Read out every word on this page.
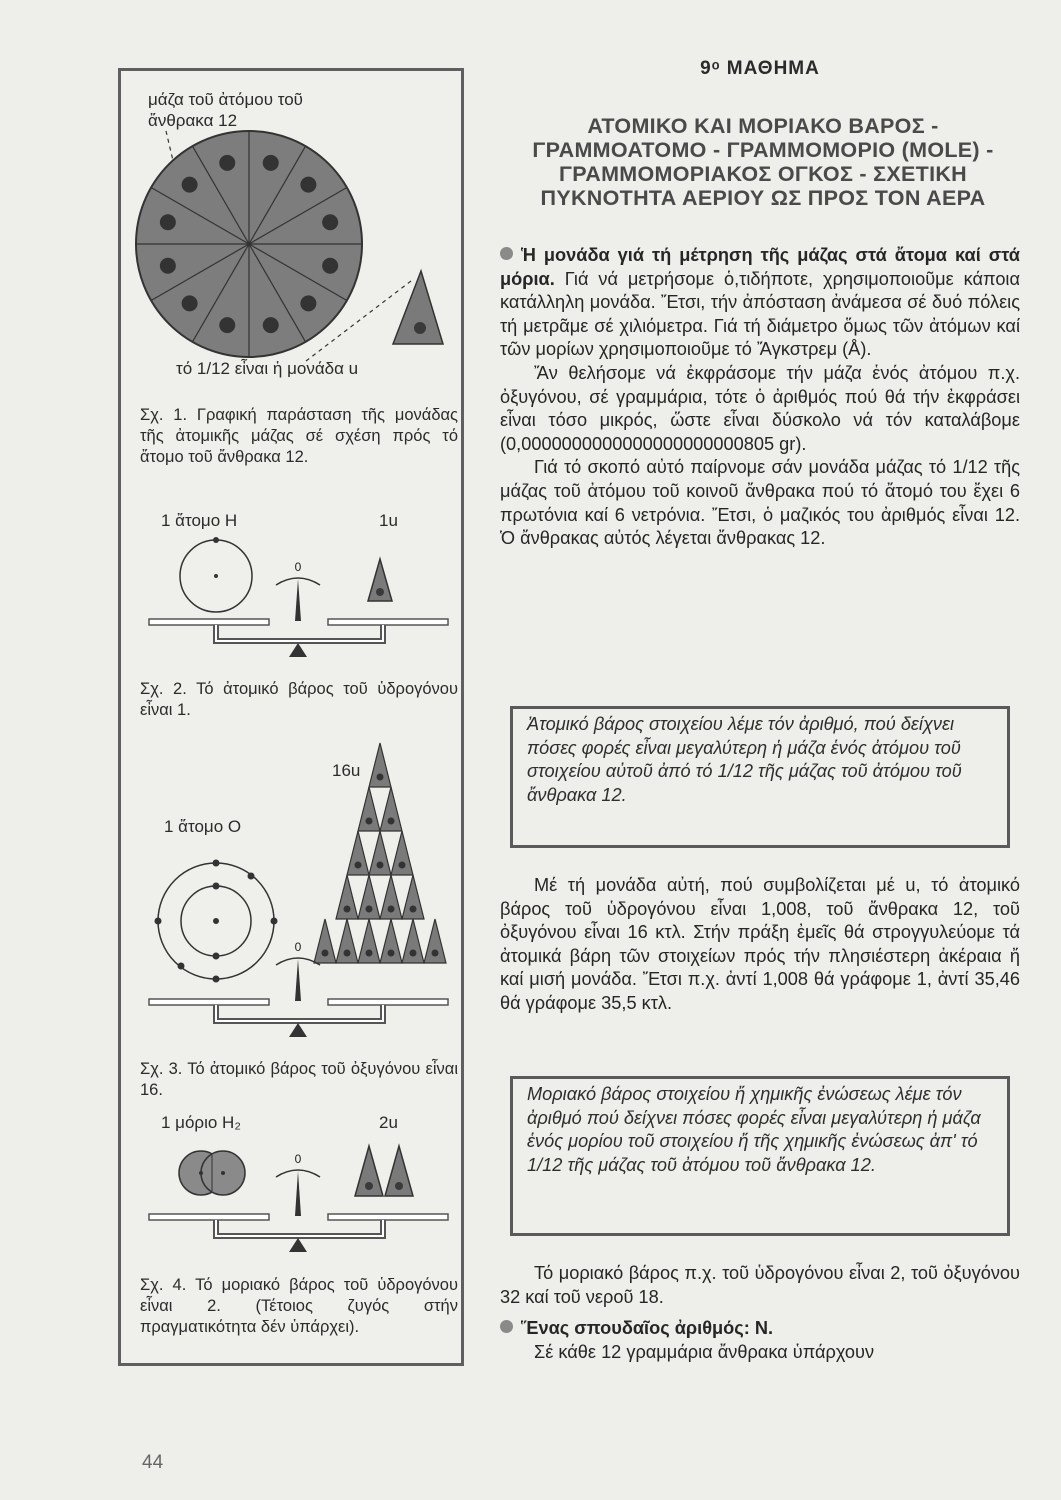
μάζα τοῦ ἀτόμου τοῦ ἄνθρακα 12
τό 1/12 εἶναι ἡ μονάδα u
Σχ. 1. Γραφική παράσταση τῆς μονάδας τῆς ἀτομικῆς μάζας σέ σχέση πρός τό ἄτομο τοῦ ἄνθρακα 12.
1 ἄτομο H	1u
0
Σχ. 2. Τό ἀτομικό βάρος τοῦ ὑδρογόνου εἶναι 1.
16u
1 ἄτομο O
0
Σχ. 3. Τό ἀτομικό βάρος τοῦ ὀξυγόνου εἶναι 16.
1 μόριο H₂	2u
0
Σχ. 4. Τό μοριακό βάρος τοῦ ὑδρογόνου εἶναι 2. (Τέτοιος ζυγός στήν πραγματικότητα δέν ὑπάρχει).
9ᵒ ΜΑΘΗΜΑ
ΑΤΟΜΙΚΟ ΚΑΙ ΜΟΡΙΑΚΟ ΒΑΡΟΣ - ΓΡΑΜΜΟΑΤΟΜΟ - ΓΡΑΜΜΟΜΟΡΙΟ (MOLE) - ΓΡΑΜΜΟΜΟΡΙΑΚΟΣ ΟΓΚΟΣ - ΣΧΕΤΙΚΗ ΠΥΚΝΟΤΗΤΑ ΑΕΡΙΟΥ ΩΣ ΠΡΟΣ ΤΟΝ ΑΕΡΑ

Ἡ μονάδα γιά τή μέτρηση τῆς μάζας στά ἄτομα καί στά μόρια. Γιά νά μετρήσομε ὁ,τιδήποτε, χρησιμοποιοῦμε κάποια κατάλληλη μονάδα. Ἔτσι, τήν ἀπόσταση ἀνάμεσα σέ δυό πόλεις τή μετρᾶμε σέ χιλιόμετρα. Γιά τή διάμετρο ὅμως τῶν ἀτόμων καί τῶν μορίων χρησιμοποιοῦμε τό Ἄγκστρεμ (Å).

Ἄν θελήσομε νά ἐκφράσομε τήν μάζα ἑνός ἀτόμου π.χ. ὀξυγόνου, σέ γραμμάρια, τότε ὁ ἀριθμός πού θά τήν ἐκφράσει εἶναι τόσο μικρός, ὥστε εἶναι δύσκολο νά τόν καταλάβομε (0,0000000000000000000000805 gr).

Γιά τό σκοπό αὐτό παίρνομε σάν μονάδα μάζας τό 1/12 τῆς μάζας τοῦ ἀτόμου τοῦ κοινοῦ ἄνθρακα πού τό ἄτομό του ἔχει 6 πρωτόνια καί 6 νετρόνια. Ἔτσι, ὁ μαζικός του ἀριθμός εἶναι 12. Ὁ ἄνθρακας αὐτός λέγεται ἄνθρακας 12.

Ἀτομικό βάρος στοιχείου λέμε τόν ἀριθμό, πού δείχνει πόσες φορές εἶναι μεγαλύτερη ἡ μάζα ἑνός ἀτόμου τοῦ στοιχείου αὐτοῦ ἀπό τό 1/12 τῆς μάζας τοῦ ἀτόμου τοῦ ἄνθρακα 12.

Μέ τή μονάδα αὐτή, πού συμβολίζεται μέ u, τό ἀτομικό βάρος τοῦ ὑδρογόνου εἶναι 1,008, τοῦ ἄνθρακα 12, τοῦ ὀξυγόνου εἶναι 16 κτλ. Στήν πράξη ἐμεῖς θά στρογγυλεύομε τά ἀτομικά βάρη τῶν στοιχείων πρός τήν πλησιέστερη ἀκέραια ἤ καί μισή μονάδα. Ἔτσι π.χ. ἀντί 1,008 θά γράφομε 1, ἀντί 35,46 θά γράφομε 35,5 κτλ.

Μοριακό βάρος στοιχείου ἤ χημικῆς ἐνώσεως λέμε τόν ἀριθμό πού δείχνει πόσες φορές εἶναι μεγαλύτερη ἡ μάζα ἑνός μορίου τοῦ στοιχείου ἤ τῆς χημικῆς ἐνώσεως ἀπ' τό 1/12 τῆς μάζας τοῦ ἀτόμου τοῦ ἄνθρακα 12.

Τό μοριακό βάρος π.χ. τοῦ ὑδρογόνου εἶναι 2, τοῦ ὀξυγόνου 32 καί τοῦ νεροῦ 18.

Ἕνας σπουδαῖος ἀριθμός: N.

Σέ κάθε 12 γραμμάρια ἄνθρακα ὑπάρχουν

44
